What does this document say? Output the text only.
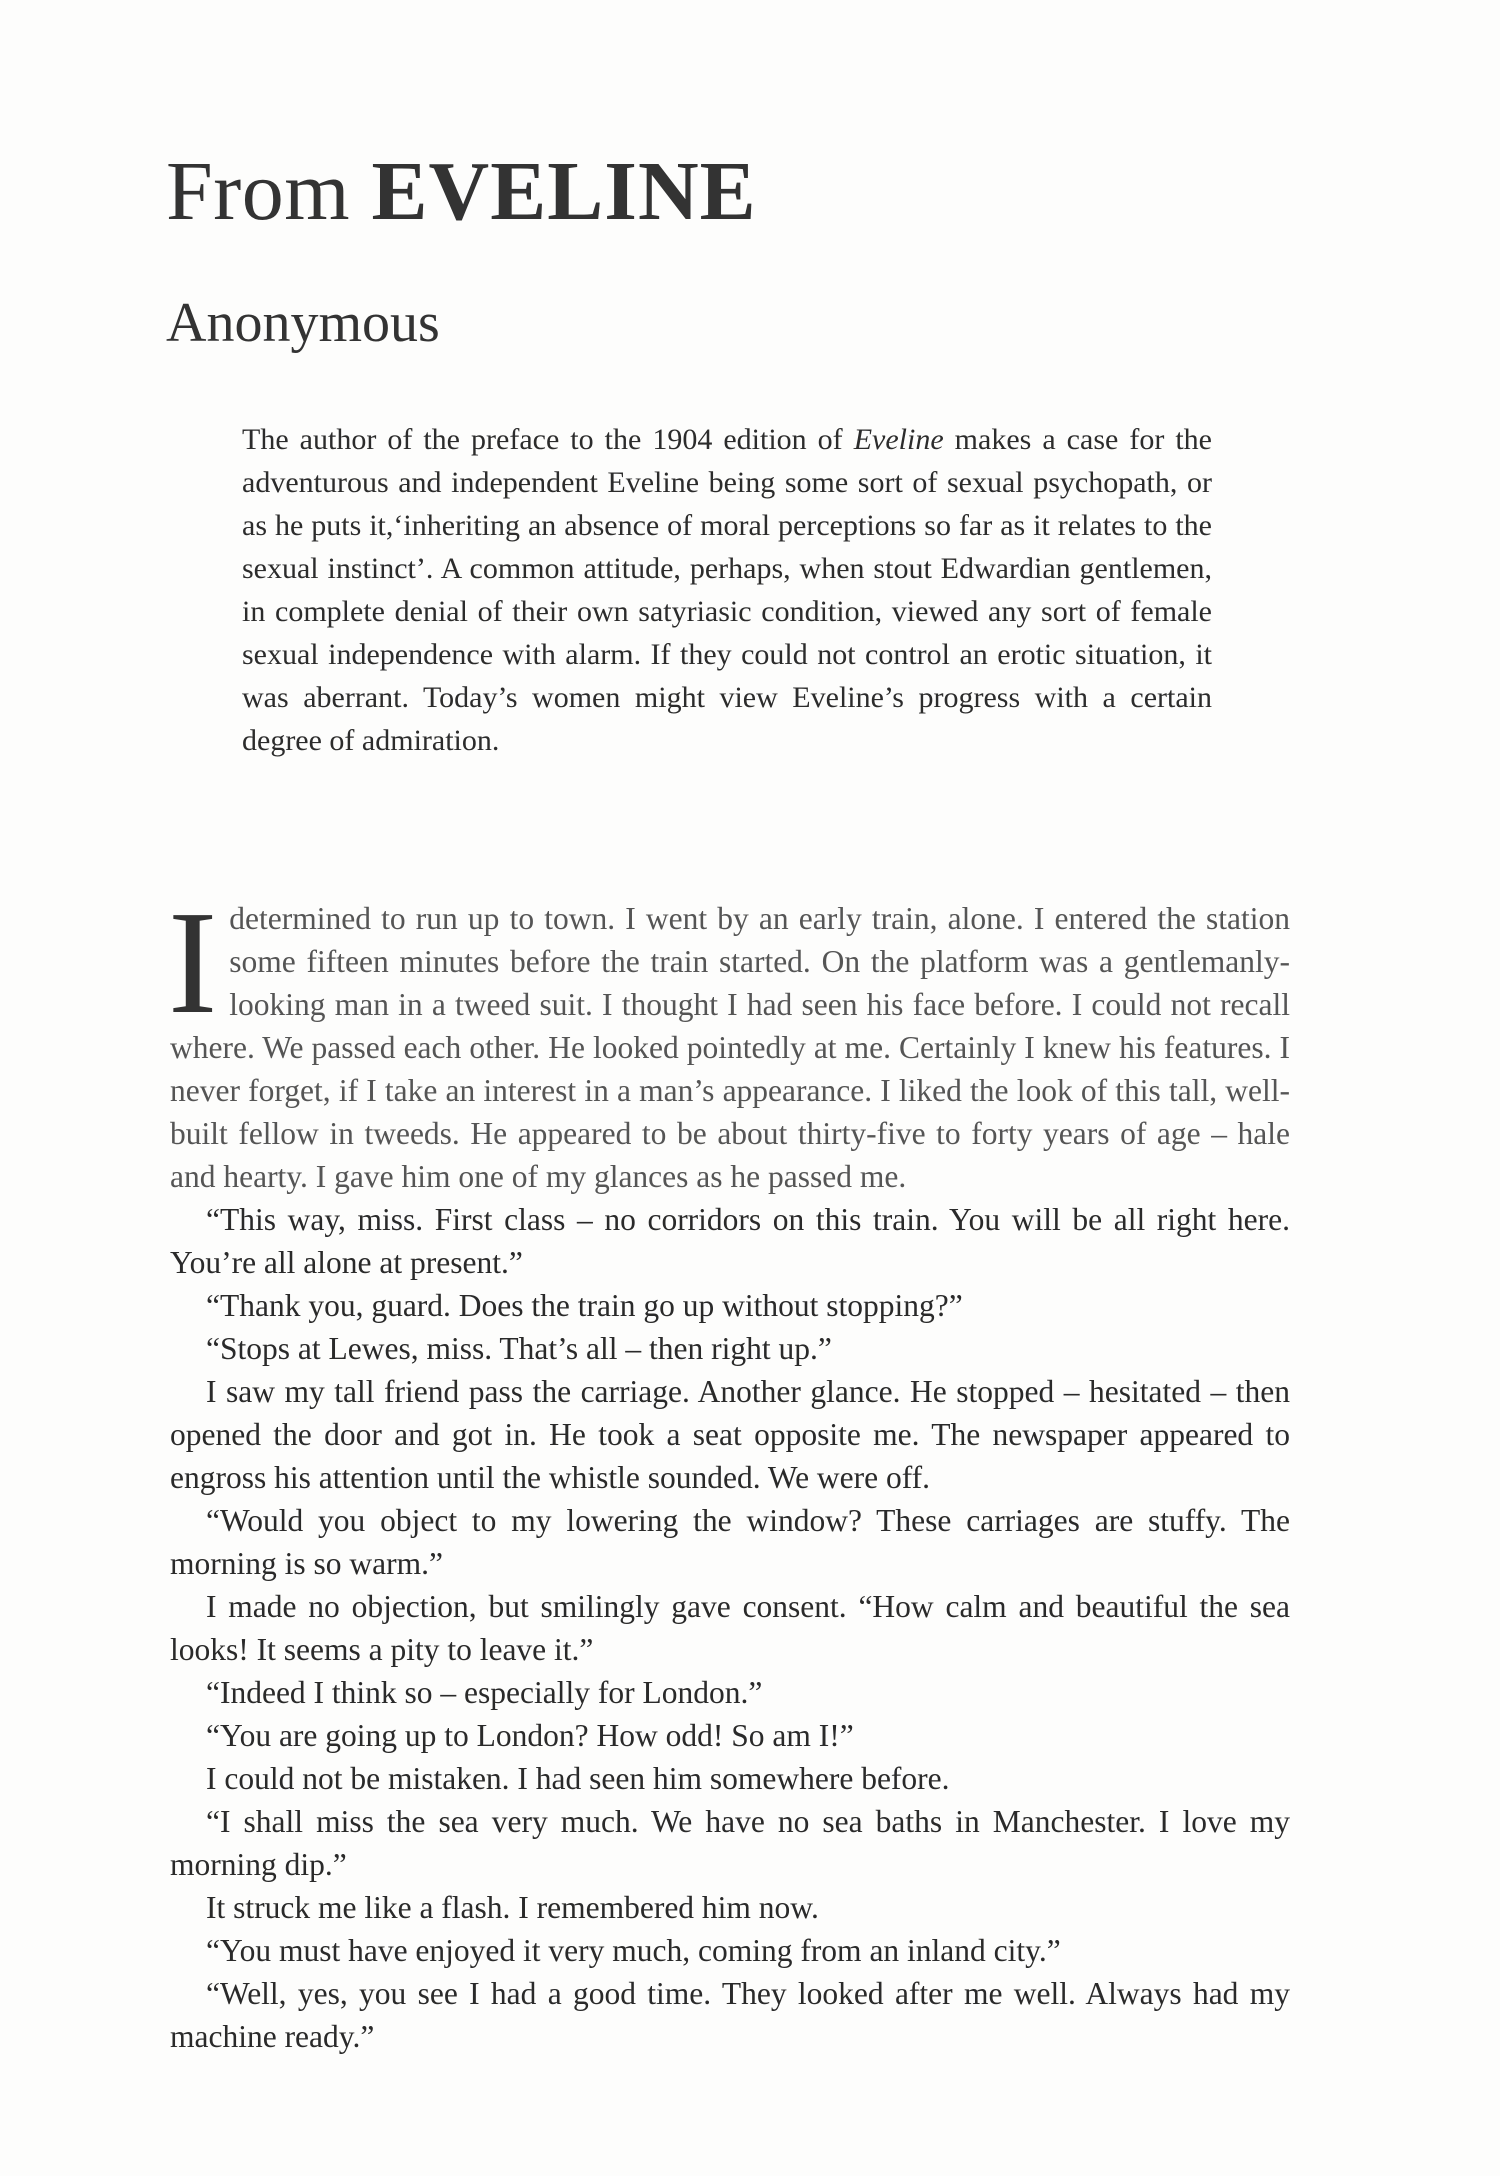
From EVELINE
Anonymous

The author of the preface to the 1904 edition of Eveline makes a case for the adventurous and independent Eveline being some sort of sexual psychopath, or as he puts it,‘inheriting an absence of moral perceptions so far as it relates to the sexual instinct’. A common attitude, perhaps, when stout Edwardian gentlemen, in complete denial of their own satyriasic condition, viewed any sort of female sexual independence with alarm. If they could not control an erotic situation, it was aberrant. Today’s women might view Eveline’s progress with a certain degree of admiration.

Idetermined to run up to town. I went by an early train, alone. I entered the station some fifteen minutes before the train started. On the platform was a gentlemanly-looking man in a tweed suit. I thought I had seen his face before. I could not recall where. We passed each other. He looked pointedly at me. Certainly I knew his features. I never forget, if I take an interest in a man’s appearance. I liked the look of this tall, well-built fellow in tweeds. He appeared to be about thirty-five to forty years of age – hale and hearty. I gave him one of my glances as he passed me.

“This way, miss. First class – no corridors on this train. You will be all right here. You’re all alone at present.”

“Thank you, guard. Does the train go up without stopping?”

“Stops at Lewes, miss. That’s all – then right up.”

I saw my tall friend pass the carriage. Another glance. He stopped – hesitated – then opened the door and got in. He took a seat opposite me. The newspaper appeared to engross his attention until the whistle sounded. We were off.

“Would you object to my lowering the window? These carriages are stuffy. The morning is so warm.”

I made no objection, but smilingly gave consent. “How calm and beautiful the sea looks! It seems a pity to leave it.”

“Indeed I think so – especially for London.”

“You are going up to London? How odd! So am I!”

I could not be mistaken. I had seen him somewhere before.

“I shall miss the sea very much. We have no sea baths in Manchester. I love my morning dip.”

It struck me like a flash. I remembered him now.

“You must have enjoyed it very much, coming from an inland city.”

“Well, yes, you see I had a good time. They looked after me well. Always had my machine ready.”
